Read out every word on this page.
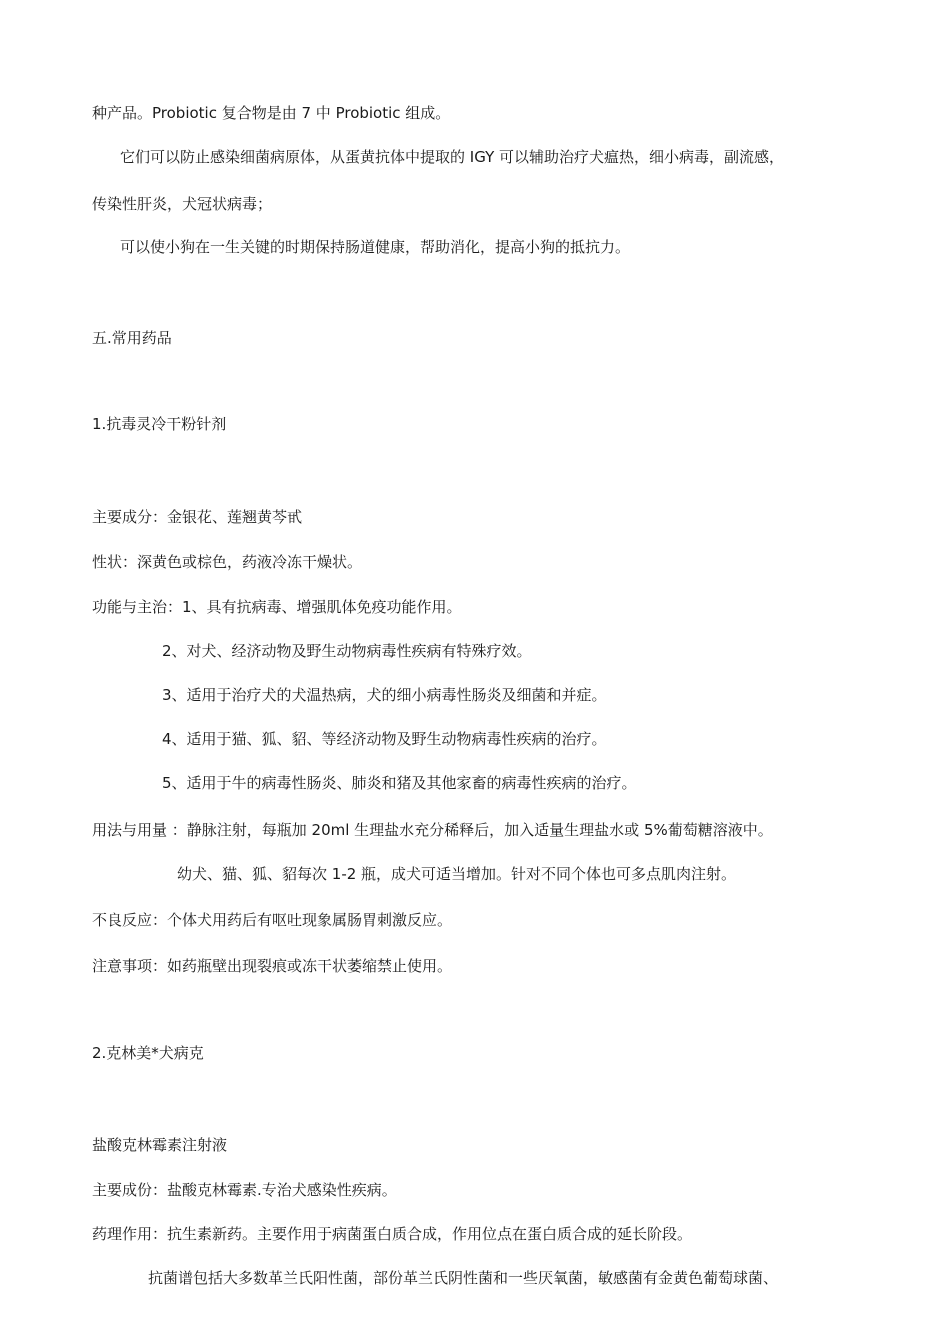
种产品。Probiotic 复合物是由 7 中 Probiotic 组成。
它们可以防止感染细菌病原体，从蛋黄抗体中提取的 IGY 可以辅助治疗犬瘟热，细小病毒，副流感，
传染性肝炎，犬冠状病毒；
可以使小狗在一生关键的时期保持肠道健康，帮助消化，提高小狗的抵抗力。
五.常用药品
1.抗毒灵冷干粉针剂
主要成分：金银花、莲翘黄芩甙
性状：深黄色或棕色，药液冷冻干燥状。
功能与主治：1、具有抗病毒、增强肌体免疫功能作用。
2、对犬、经济动物及野生动物病毒性疾病有特殊疗效。
3、适用于治疗犬的犬温热病，犬的细小病毒性肠炎及细菌和并症。
4、适用于猫、狐、貂、等经济动物及野生动物病毒性疾病的治疗。
5、适用于牛的病毒性肠炎、肺炎和猪及其他家畜的病毒性疾病的治疗。
用法与用量 ：静脉注射，每瓶加 20ml 生理盐水充分稀释后，加入适量生理盐水或 5%葡萄糖溶液中。
幼犬、猫、狐、貂每次 1-2 瓶，成犬可适当增加。针对不同个体也可多点肌肉注射。
不良反应：个体犬用药后有呕吐现象属肠胃刺激反应。
注意事项：如药瓶壁出现裂痕或冻干状萎缩禁止使用。
2.克林美*犬病克
盐酸克林霉素注射液
主要成份：盐酸克林霉素.专治犬感染性疾病。
药理作用：抗生素新药。主要作用于病菌蛋白质合成，作用位点在蛋白质合成的延长阶段。
抗菌谱包括大多数革兰氏阳性菌，部份革兰氏阴性菌和一些厌氧菌，敏感菌有金黄色葡萄球菌、
